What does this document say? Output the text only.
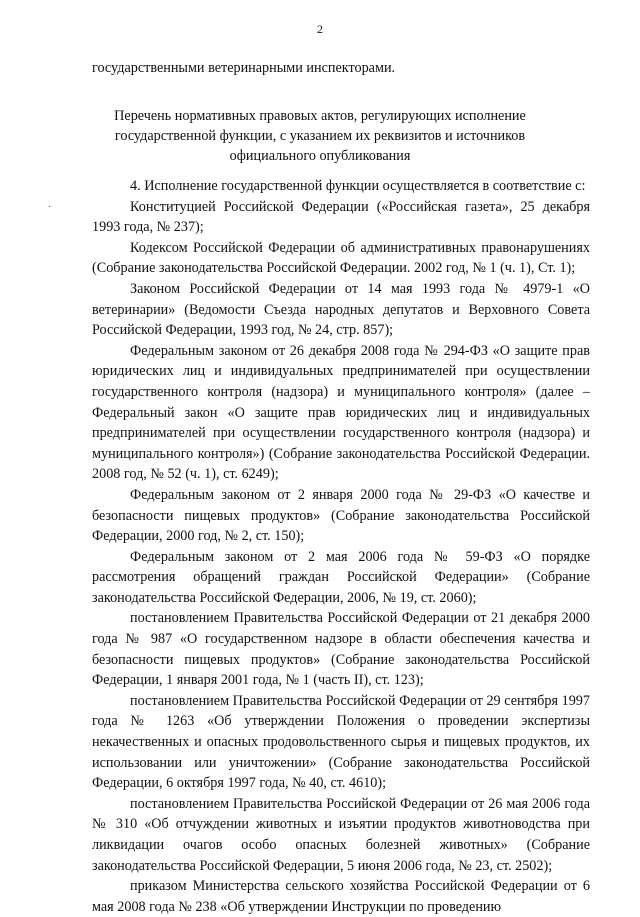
2
государственными ветеринарными инспекторами.
Перечень нормативных правовых актов, регулирующих исполнение государственной функции, с указанием их реквизитов и источников официального опубликования
·

4. Исполнение государственной функции осуществляется в соответствие с:

Конституцией Российской Федерации («Российская газета», 25 декабря 1993 года, № 237);

Кодексом Российской Федерации об административных правонарушениях (Собрание законодательства Российской Федерации. 2002 год, № 1 (ч. 1), Ст. 1);

Законом Российской Федерации от 14 мая 1993 года № 4979-1 «О ветеринарии» (Ведомости Съезда народных депутатов и Верховного Совета Российской Федерации, 1993 год, № 24, стр. 857);

Федеральным законом от 26 декабря 2008 года № 294-ФЗ «О защите прав юридических лиц и индивидуальных предпринимателей при осуществлении государственного контроля (надзора) и муниципального контроля» (далее – Федеральный закон «О защите прав юридических лиц и индивидуальных предпринимателей при осуществлении государственного контроля (надзора) и муниципального контроля») (Собрание законодательства Российской Федерации. 2008 год, № 52 (ч. 1), ст. 6249);

Федеральным законом от 2 января 2000 года № 29-ФЗ «О качестве и безопасности пищевых продуктов» (Собрание законодательства Российской Федерации, 2000 год, № 2, ст. 150);

Федеральным законом от 2 мая 2006 года № 59-ФЗ «О порядке рассмотрения обращений граждан Российской Федерации» (Собрание законодательства Российской Федерации, 2006, № 19, ст. 2060);

постановлением Правительства Российской Федерации от 21 декабря 2000 года № 987 «О государственном надзоре в области обеспечения качества и безопасности пищевых продуктов» (Собрание законодательства Российской Федерации, 1 января 2001 года, № 1 (часть II), ст. 123);

постановлением Правительства Российской Федерации от 29 сентября 1997 года № 1263 «Об утверждении Положения о проведении экспертизы некачественных и опасных продовольственного сырья и пищевых продуктов, их использовании или уничтожении» (Собрание законодательства Российской Федерации, 6 октября 1997 года, № 40, ст. 4610);

постановлением Правительства Российской Федерации от 26 мая 2006 года № 310 «Об отчуждении животных и изъятии продуктов животноводства при ликвидации очагов особо опасных болезней животных» (Собрание законодательства Российской Федерации, 5 июня 2006 года, № 23, ст. 2502);

приказом Министерства сельского хозяйства Российской Федерации от 6 мая 2008 года № 238 «Об утверждении Инструкции по проведению
